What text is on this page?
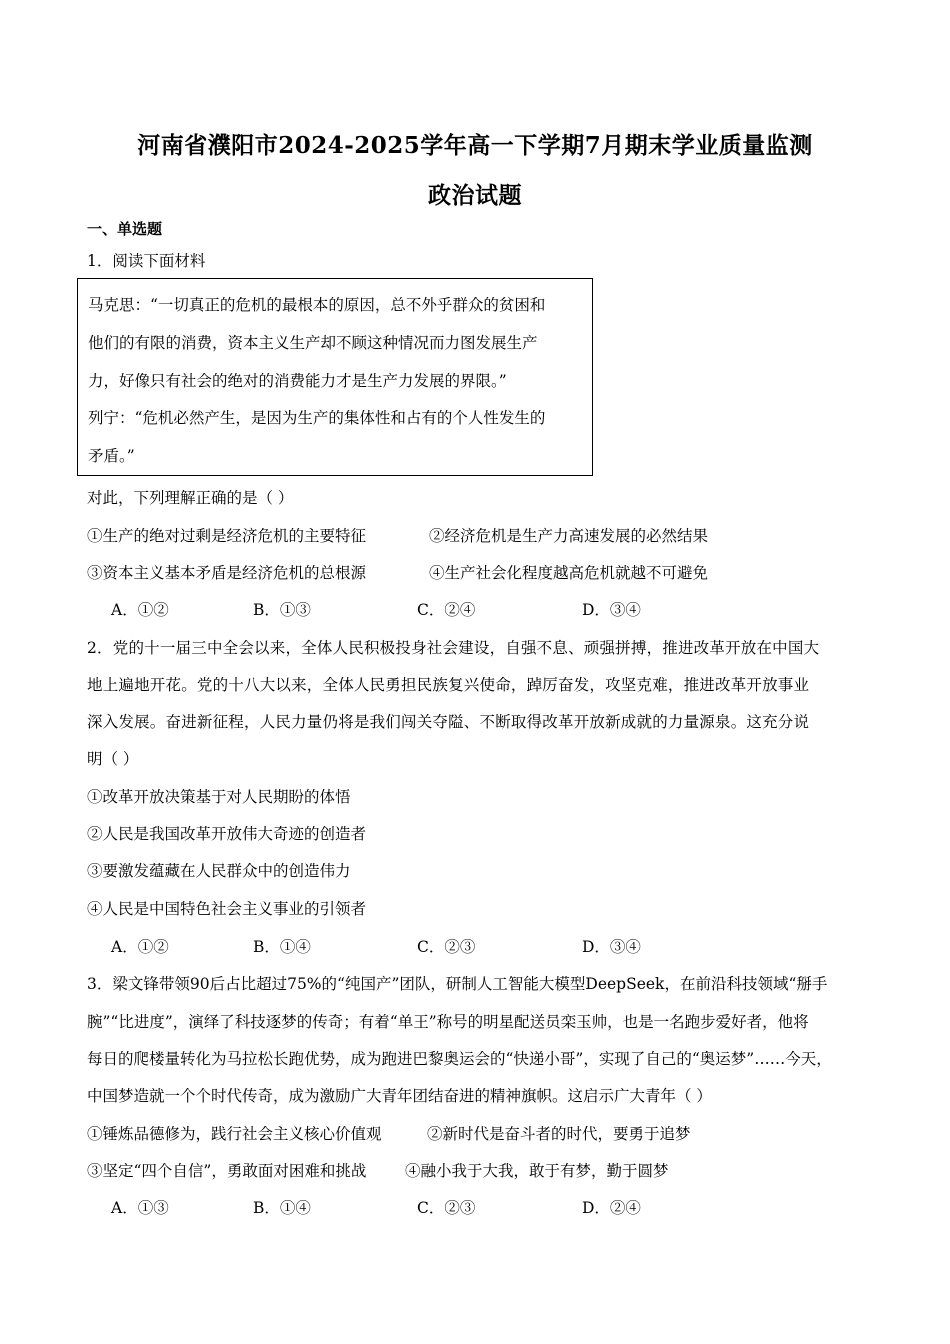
河南省濮阳市2024-2025学年高一下学期7月期末学业质量监测
政治试题
一、单选题
1．阅读下面材料
马克思：“一切真正的危机的最根本的原因，总不外乎群众的贫困和
他们的有限的消费，资本主义生产却不顾这种情况而力图发展生产
力，好像只有社会的绝对的消费能力才是生产力发展的界限。”
列宁：“危机必然产生，是因为生产的集体性和占有的个人性发生的
矛盾。”
对此，下列理解正确的是（ ）
①生产的绝对过剩是经济危机的主要特征	②经济危机是生产力高速发展的必然结果
③资本主义基本矛盾是经济危机的总根源	④生产社会化程度越高危机就越不可避免
A．①②	B．①③	C．②④	D．③④
2．党的十一届三中全会以来，全体人民积极投身社会建设，自强不息、顽强拼搏，推进改革开放在中国大
地上遍地开花。党的十八大以来，全体人民勇担民族复兴使命，踔厉奋发，攻坚克难，推进改革开放事业
深入发展。奋进新征程，人民力量仍将是我们闯关夺隘、不断取得改革开放新成就的力量源泉。这充分说
明（ ）
①改革开放决策基于对人民期盼的体悟
②人民是我国改革开放伟大奇迹的创造者
③要激发蕴藏在人民群众中的创造伟力
④人民是中国特色社会主义事业的引领者
A．①②	B．①④	C．②③	D．③④
3．梁文锋带领90后占比超过75%的“纯国产”团队，研制人工智能大模型DeepSeek，在前沿科技领域“掰手
腕”“比进度”，演绎了科技逐梦的传奇；有着“单王”称号的明星配送员栾玉帅，也是一名跑步爱好者，他将
每日的爬楼量转化为马拉松长跑优势，成为跑进巴黎奥运会的“快递小哥”，实现了自己的“奥运梦”……今天，
中国梦造就一个个时代传奇，成为激励广大青年团结奋进的精神旗帜。这启示广大青年（ ）
①锤炼品德修为，践行社会主义核心价值观	②新时代是奋斗者的时代，要勇于追梦
③坚定“四个自信”，勇敢面对困难和挑战 ④融小我于大我，敢于有梦，勤于圆梦
A．①③	B．①④	C．②③	D．②④
